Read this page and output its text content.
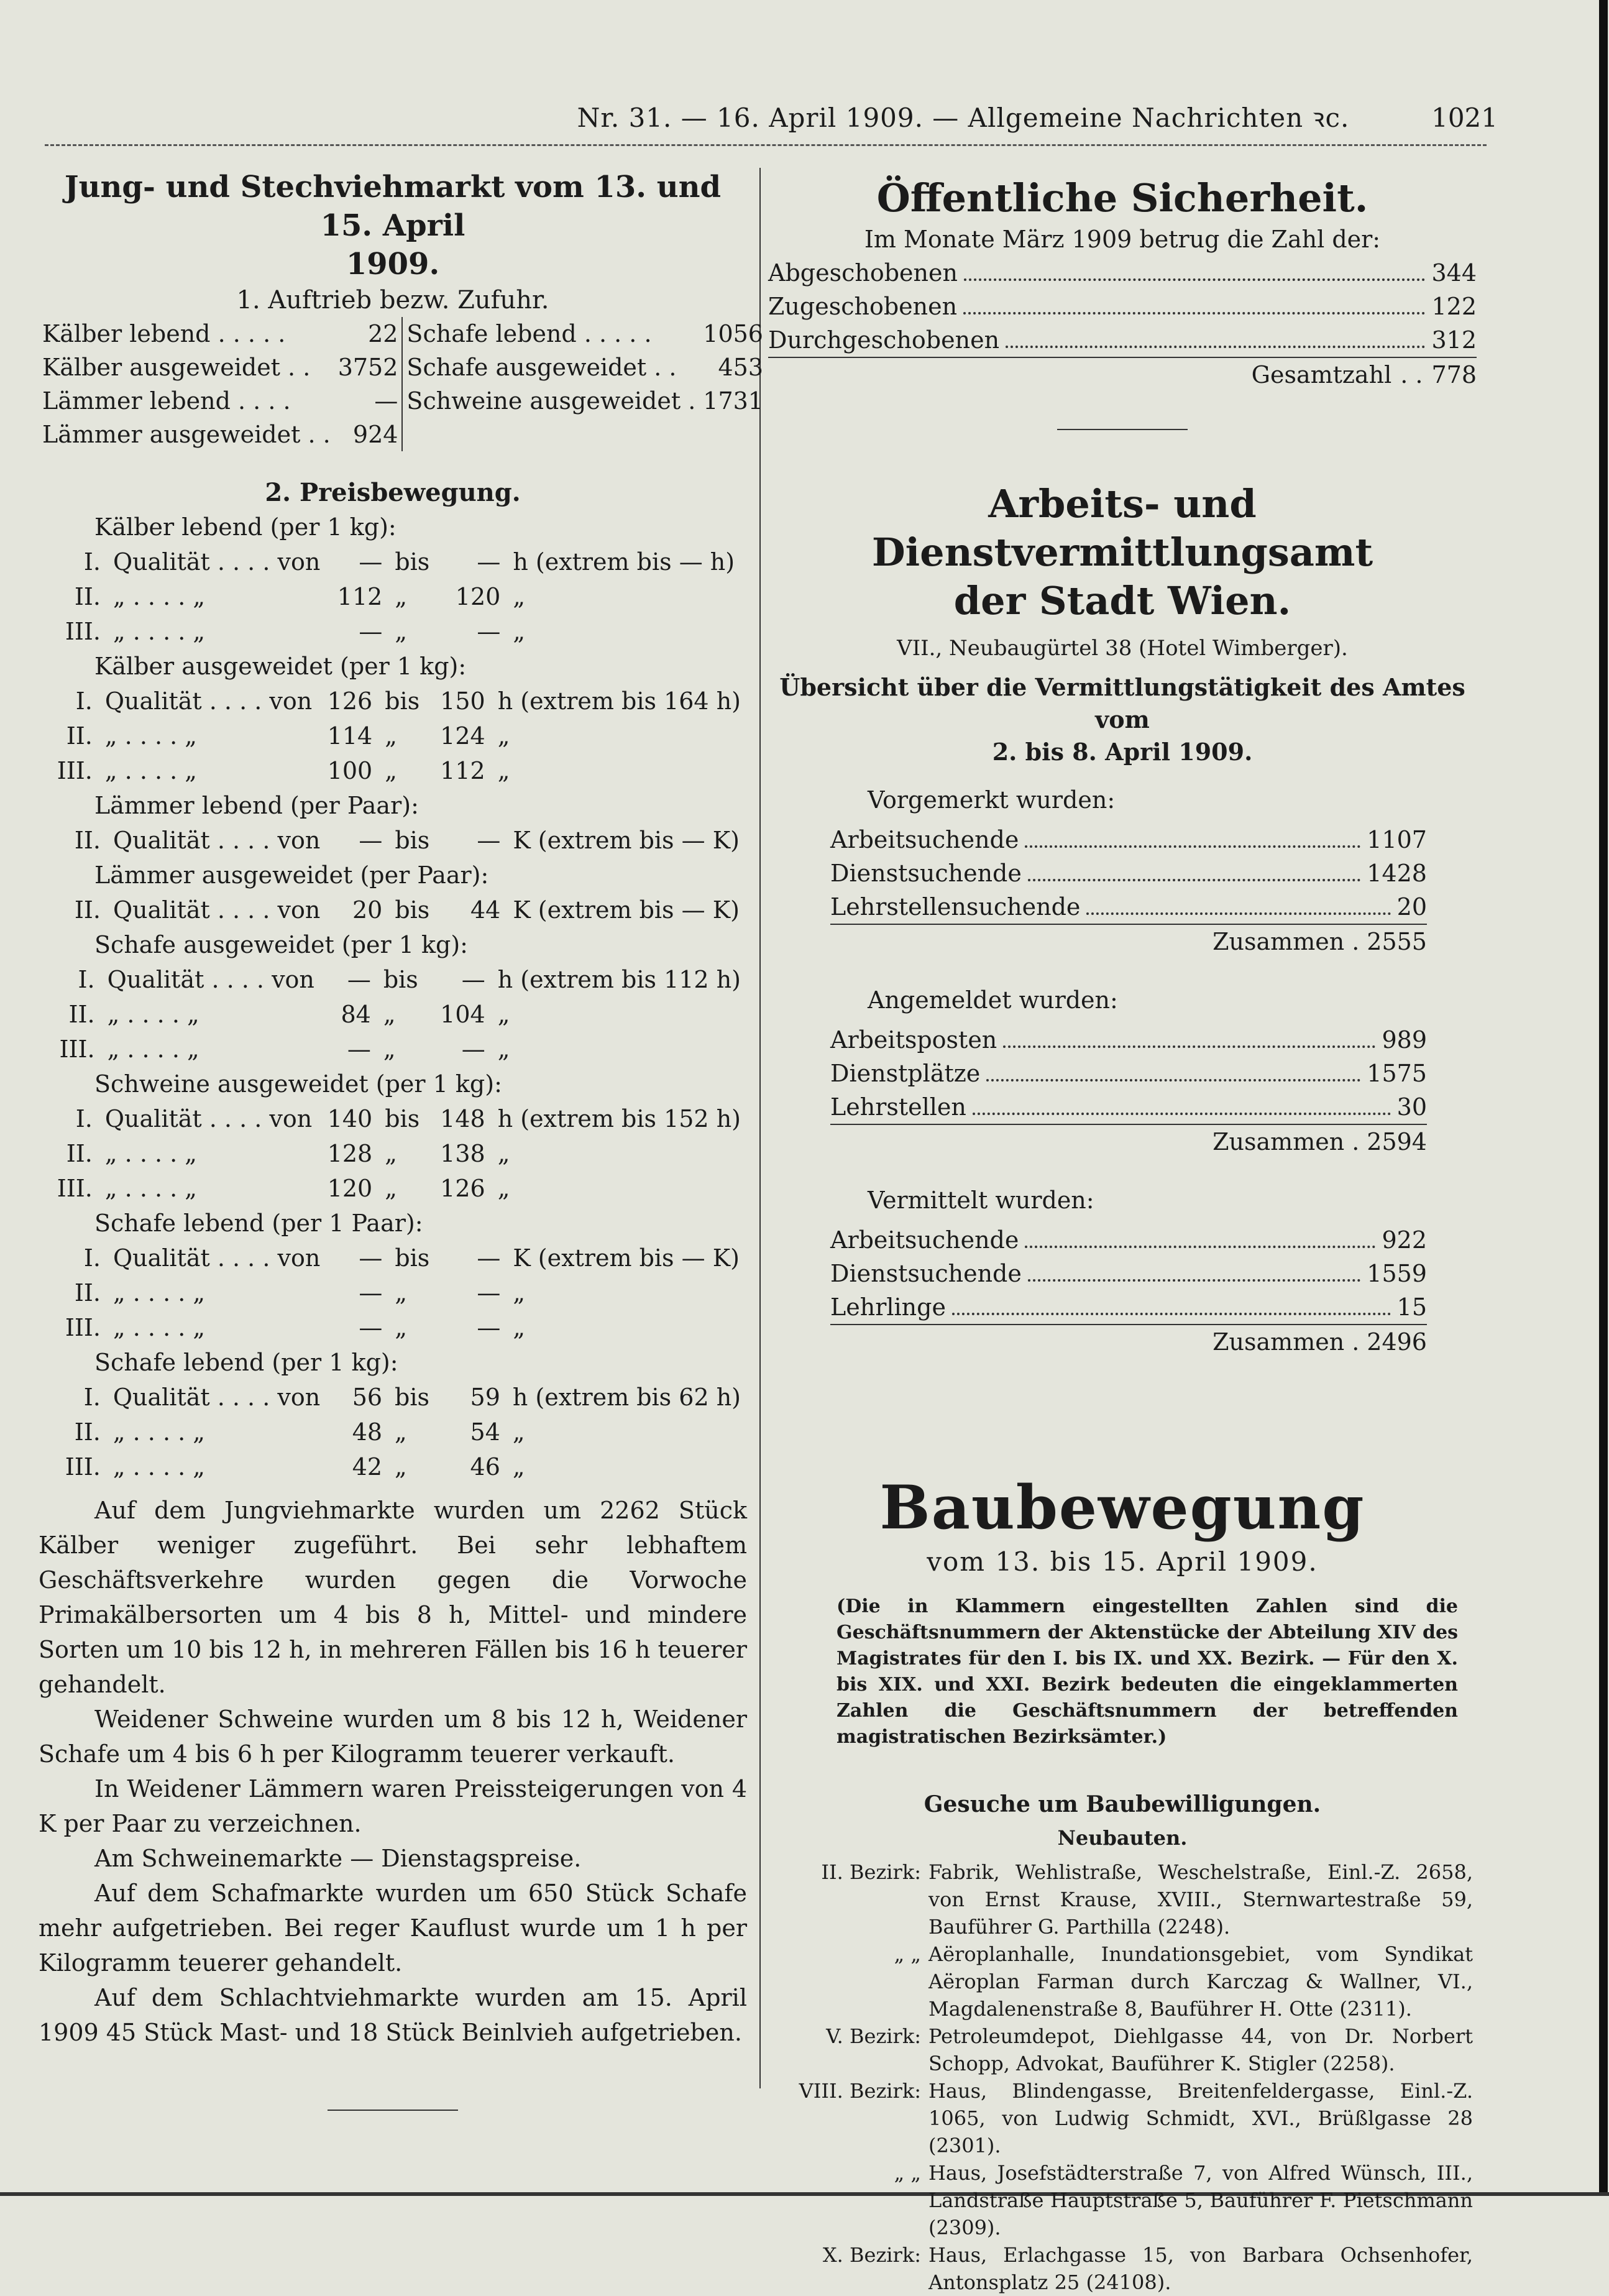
Nr. 31. — 16. April 1909. — Allgemeine Nachrichten ꝛc.	1021
Jung- und Stechviehmarkt vom 13. und 15. April
1909.
1. Auftrieb bezw. Zufuhr.
Kälber lebend . . . . .	22	Schafe lebend . . . . .	1056
Kälber ausgeweidet . .	3752	Schafe ausgeweidet . .	453
Lämmer lebend . . . .	—	Schweine ausgeweidet .	1731
Lämmer ausgeweidet . .	924		
2. Preisbewegung.
Kälber lebend (per 1 kg):
I.	Qualität . . . . von	—	bis	—	h (extrem bis — h)
II.	„ . . . . „	112	„	120	„
III.	„ . . . . „	—	„	—	„
Kälber ausgeweidet (per 1 kg):
I.	Qualität . . . . von	126	bis	150	h (extrem bis 164 h)
II.	„ . . . . „	114	„	124	„
III.	„ . . . . „	100	„	112	„
Lämmer lebend (per Paar):
II.	Qualität . . . . von	—	bis	—	K (extrem bis — K)
Lämmer ausgeweidet (per Paar):
II.	Qualität . . . . von	20	bis	44	K (extrem bis — K)
Schafe ausgeweidet (per 1 kg):
I.	Qualität . . . . von	—	bis	—	h (extrem bis 112 h)
II.	„ . . . . „	84	„	104	„
III.	„ . . . . „	—	„	—	„
Schweine ausgeweidet (per 1 kg):
I.	Qualität . . . . von	140	bis	148	h (extrem bis 152 h)
II.	„ . . . . „	128	„	138	„
III.	„ . . . . „	120	„	126	„
Schafe lebend (per 1 Paar):
I.	Qualität . . . . von	—	bis	—	K (extrem bis — K)
II.	„ . . . . „	—	„	—	„
III.	„ . . . . „	—	„	—	„
Schafe lebend (per 1 kg):
I.	Qualität . . . . von	56	bis	59	h (extrem bis 62 h)
II.	„ . . . . „	48	„	54	„
III.	„ . . . . „	42	„	46	„

Auf dem Jungviehmarkte wurden um 2262 Stück Kälber weniger zugeführt. Bei sehr lebhaftem Geschäftsverkehre wurden gegen die Vorwoche Primakälbersorten um 4 bis 8 h, Mittel- und mindere Sorten um 10 bis 12 h, in mehreren Fällen bis 16 h teuerer gehandelt.

Weidener Schweine wurden um 8 bis 12 h, Weidener Schafe um 4 bis 6 h per Kilogramm teuerer verkauft.

In Weidener Lämmern waren Preissteigerungen von 4 K per Paar zu verzeichnen.

Am Schweinemarkte — Dienstagspreise.

Auf dem Schafmarkte wurden um 650 Stück Schafe mehr aufgetrieben. Bei reger Kauflust wurde um 1 h per Kilogramm teuerer gehandelt.

Auf dem Schlachtviehmarkte wurden am 15. April 1909 45 Stück Mast- und 18 Stück Beinlvieh aufgetrieben.

Öffentliche Sicherheit.
Im Monate März 1909 betrug die Zahl der:
Abgeschobenen	344
Zugeschobenen	122
Durchgeschobenen	312
Gesamtzahl . . 778
Arbeits- und Dienstvermittlungsamt
der Stadt Wien.
VII., Neubaugürtel 38 (Hotel Wimberger).
Übersicht über die Vermittlungstätigkeit des Amtes vom
2. bis 8. April 1909.
Vorgemerkt wurden:
Arbeitsuchende	1107
Dienstsuchende	1428
Lehrstellensuchende	20
Zusammen . 2555
Angemeldet wurden:
Arbeitsposten	989
Dienstplätze	1575
Lehrstellen	30
Zusammen . 2594
Vermittelt wurden:
Arbeitsuchende	922
Dienstsuchende	1559
Lehrlinge	15
Zusammen . 2496
Baubewegung
vom 13. bis 15. April 1909.
(Die in Klammern eingestellten Zahlen sind die Geschäftsnummern der Aktenstücke der Abteilung XIV des Magistrates für den I. bis IX. und XX. Bezirk. — Für den X. bis XIX. und XXI. Bezirk bedeuten die eingeklammerten Zahlen die Geschäftsnummern der betreffenden magistratischen Bezirksämter.)
Gesuche um Baubewilligungen.
Neubauten.
II. Bezirk:	Fabrik, Wehlistraße, Weschelstraße, Einl.-Z. 2658, von Ernst Krause, XVIII., Sternwartestraße 59, Bauführer G. Parthilla (2248).
„ „	Aëroplanhalle, Inundationsgebiet, vom Syndikat Aëroplan Farman durch Karczag & Wallner, VI., Magdalenenstraße 8, Bauführer H. Otte (2311).
V. Bezirk:	Petroleumdepot, Diehlgasse 44, von Dr. Norbert Schopp, Advokat, Bauführer K. Stigler (2258).
VIII. Bezirk:	Haus, Blindengasse, Breitenfeldergasse, Einl.-Z. 1065, von Ludwig Schmidt, XVI., Brüßlgasse 28 (2301).
„ „	Haus, Josefstädterstraße 7, von Alfred Wünsch, III., Landstraße Hauptstraße 5, Bauführer F. Pietschmann (2309).
X. Bezirk:	Haus, Erlachgasse 15, von Barbara Ochsenhofer, Antonsplatz 25 (24108).
